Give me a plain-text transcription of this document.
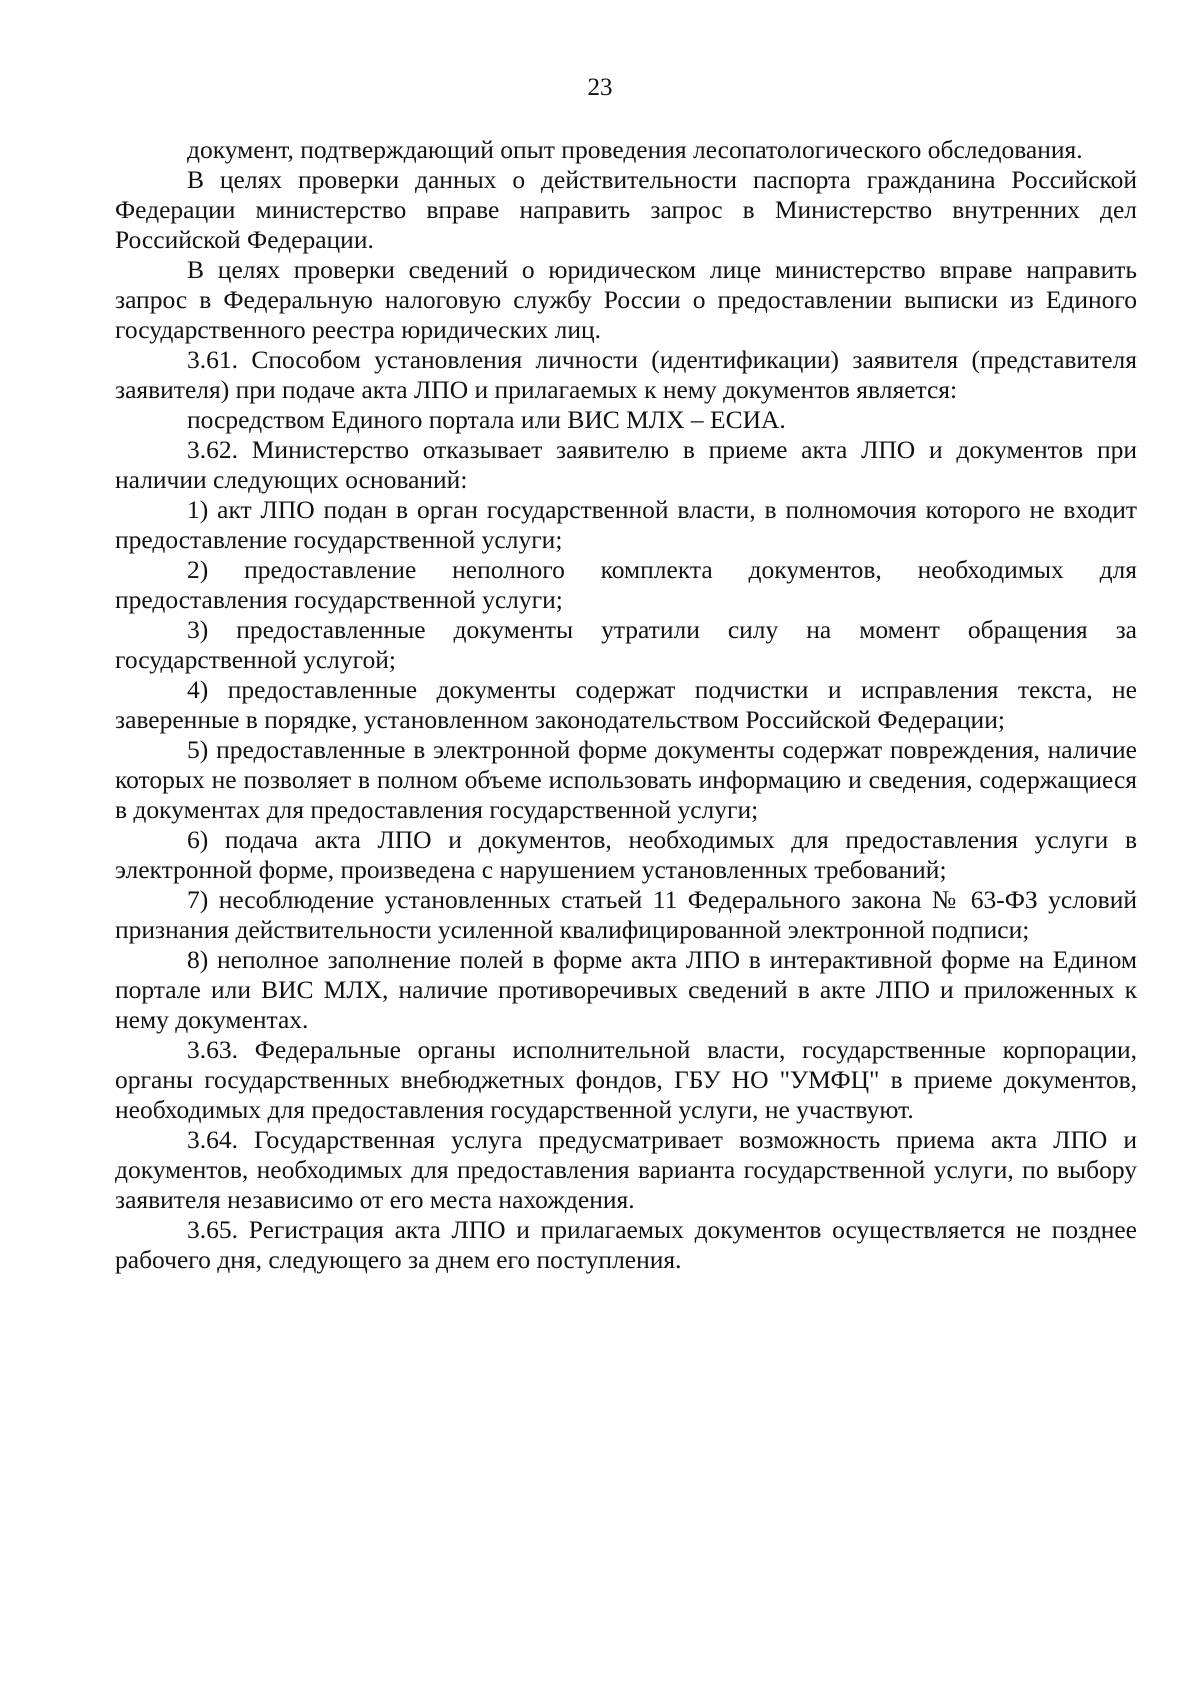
23

документ, подтверждающий опыт проведения лесопатологического обследования.

В целях проверки данных о действительности паспорта гражданина Российской Федерации министерство вправе направить запрос в Министерство внутренних дел Российской Федерации.

В целях проверки сведений о юридическом лице министерство вправе направить запрос в Федеральную налоговую службу России о предоставлении выписки из Единого государственного реестра юридических лиц.

3.61. Способом установления личности (идентификации) заявителя (представителя заявителя) при подаче акта ЛПО и прилагаемых к нему документов является:

посредством Единого портала или ВИС МЛХ – ЕСИА.

3.62. Министерство отказывает заявителю в приеме акта ЛПО и документов при наличии следующих оснований:

1) акт ЛПО подан в орган государственной власти, в полномочия которого не входит предоставление государственной услуги;

2) предоставление неполного комплекта документов, необходимых для предоставления государственной услуги;

3) предоставленные документы утратили силу на момент обращения за государственной услугой;

4) предоставленные документы содержат подчистки и исправления текста, не заверенные в порядке, установленном законодательством Российской Федерации;

5) предоставленные в электронной форме документы содержат повреждения, наличие которых не позволяет в полном объеме использовать информацию и сведения, содержащиеся в документах для предоставления государственной услуги;

6) подача акта ЛПО и документов, необходимых для предоставления услуги в электронной форме, произведена с нарушением установленных требований;

7) несоблюдение установленных статьей 11 Федерального закона № 63-ФЗ условий признания действительности усиленной квалифицированной электронной подписи;

8) неполное заполнение полей в форме акта ЛПО в интерактивной форме на Едином портале или ВИС МЛХ, наличие противоречивых сведений в акте ЛПО и приложенных к нему документах.

3.63. Федеральные органы исполнительной власти, государственные корпорации, органы государственных внебюджетных фондов, ГБУ НО "УМФЦ" в приеме документов, необходимых для предоставления государственной услуги, не участвуют.

3.64. Государственная услуга предусматривает возможность приема акта ЛПО и документов, необходимых для предоставления варианта государственной услуги, по выбору заявителя независимо от его места нахождения.

3.65. Регистрация акта ЛПО и прилагаемых документов осуществляется не позднее рабочего дня, следующего за днем его поступления.
